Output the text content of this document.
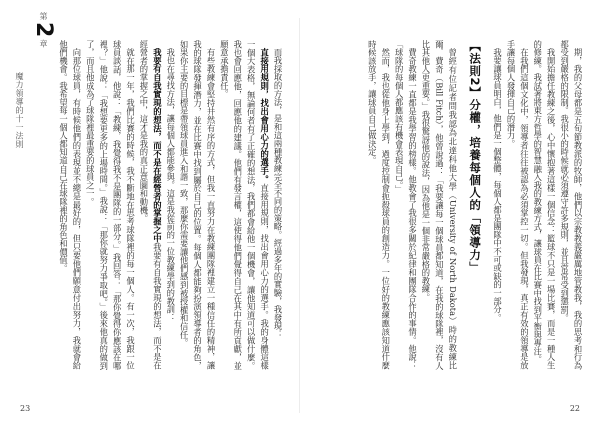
第2章
魔力領導的十一法則	而我採取的方法，是和這兩種教練完全不同的策略。經過多年的實驗，我發現：

直接用規則，找出會用心力的選手。直接用規則，找出會用心力的選手。我的身體這樣一個大表格，無論何者有了正確的想法，我們都會給他一個機會，讓他知道可以做什麼。我也會回應他，回應他的建議。他們有發言權，這使得他們覺得自己在其中有所貢獻，並願意承擔責任。

有些教練會堅持井然有序的方式，但我一直努力在教練團隊裡建立一種信任的精神，讓我的球隊發揮潛力，並在比賽中找到屬於自己的位置。每個人都能夠扮演領導者的角色，如果你主要的目標是帶領球員進入和諧一致，那麼你需要讓他們感到被授權和信任。

我也在尋找方法，讓每個人都能參與。這是我從前的一位教練學到的教訓：

我要有自我實現的想法，而不是在經營者的掌握之中我要有自我實現的想法，而不是在經營者的掌握之中，這才是我的真正意圖和動機。

就在那一年，我們比賽的時候，我不斷地在思考球隊裡的每一個人。有一次，我跟一位球員談話，他說：「教練，我覺得我不是團隊的一部分。」我回答：「那你覺得你應該在哪裡？」他說：「我想要更多的上場時間。」我說：「那你就努力爭取吧。」後來他真的做到了，而且他成為了球隊裡最重要的球員之一。

向那位球員，有時候他們的表現並不總是最好的，但只要他們願意付出努力，我就會給他們機會。我希望每一個人都知道自己在球隊裡的角色和價值。

23

期，我的父母都是五旬節教派的牧師，他們以宗教教義嚴厲地管教我，我的思考和行為都受到嚴格的限制。我很小的時候就必須遵守許多規則，並且常常受到懲罰。

我開始擔任教練之後，心中懷抱著這樣一個信念：籃球不只是一場比賽，而是一種人生的修練。我試著將東方哲學的智慧融入我的教練方式，讓球員在比賽中找到平衡與專注。

在我們這個文化中，領導者往往被認為必須掌控一切。但我發現，真正有效的領導是放手讓每個人發揮自己的潛力。

我要讓球員明白，他們是一個整體，每個人都是團隊中不可或缺的一部分。

【法則2】分權，培養每個人的「領導力」

曾經有位記者問我認為北達科他大學（University of North Dakota）時的教練比爾．費奇（Bill Fitch），他曾說過：「我要讓每一個球員都知道，在我的球隊裡，沒有人比其他人更重要。」我很驚訝他的說法，因為他是一個非常嚴格的教練。

費奇教練一直都是我學習的榜樣。他教會了我很多關於紀律和團隊合作的事情。他說：「球隊的每個人都應該有機會表現自己。」

然而，我也從他身上學到，過度控制會扼殺球員的創造力。一位好的教練應該知道什麼時候該放手，讓球員自己做決定。

22
